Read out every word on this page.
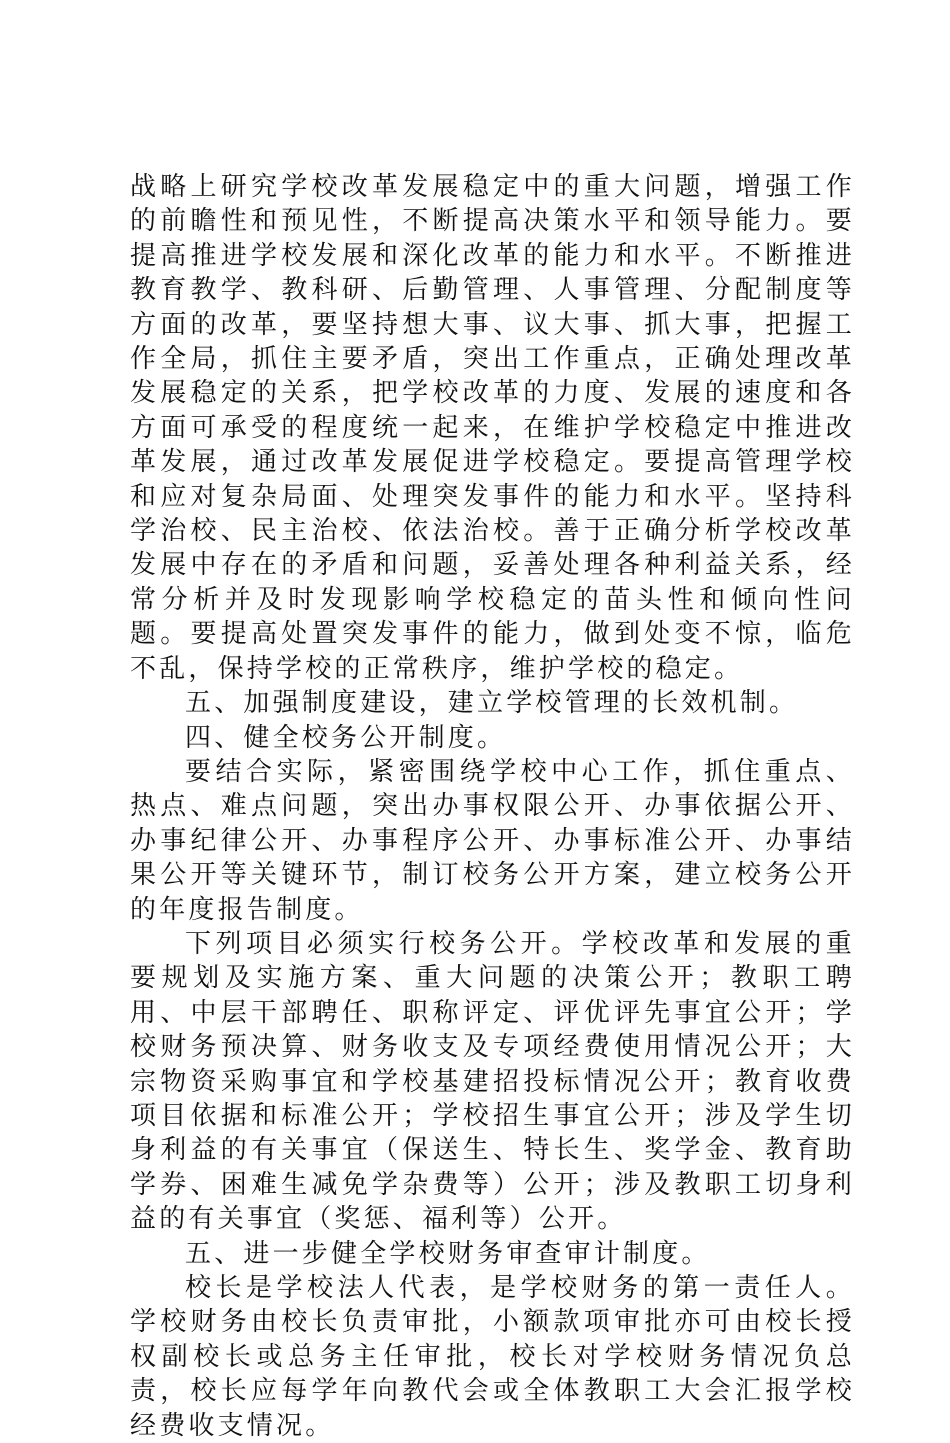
战略上研究学校改革发展稳定中的重大问题，增强工作的前瞻性和预见性，不断提高决策水平和领导能力。要提高推进学校发展和深化改革的能力和水平。不断推进教育教学、教科研、后勤管理、人事管理、分配制度等方面的改革，要坚持想大事、议大事、抓大事，把握工作全局，抓住主要矛盾，突出工作重点，正确处理改革发展稳定的关系，把学校改革的力度、发展的速度和各方面可承受的程度统一起来，在维护学校稳定中推进改革发展，通过改革发展促进学校稳定。要提高管理学校和应对复杂局面、处理突发事件的能力和水平。坚持科学治校、民主治校、依法治校。善于正确分析学校改革发展中存在的矛盾和问题，妥善处理各种利益关系，经常分析并及时发现影响学校稳定的苗头性和倾向性问题。要提高处置突发事件的能力，做到处变不惊，临危不乱，保持学校的正常秩序，维护学校的稳定。

五、加强制度建设，建立学校管理的长效机制。

四、健全校务公开制度。

要结合实际，紧密围绕学校中心工作，抓住重点、热点、难点问题，突出办事权限公开、办事依据公开、办事纪律公开、办事程序公开、办事标准公开、办事结果公开等关键环节，制订校务公开方案，建立校务公开的年度报告制度。

下列项目必须实行校务公开。学校改革和发展的重要规划及实施方案、重大问题的决策公开；教职工聘用、中层干部聘任、职称评定、评优评先事宜公开；学校财务预决算、财务收支及专项经费使用情况公开；大宗物资采购事宜和学校基建招投标情况公开；教育收费项目依据和标准公开；学校招生事宜公开；涉及学生切身利益的有关事宜（保送生、特长生、奖学金、教育助学券、困难生减免学杂费等）公开；涉及教职工切身利益的有关事宜（奖惩、福利等）公开。

五、进一步健全学校财务审查审计制度。

校长是学校法人代表，是学校财务的第一责任人。学校财务由校长负责审批，小额款项审批亦可由校长授权副校长或总务主任审批，校长对学校财务情况负总责，校长应每学年向教代会或全体教职工大会汇报学校经费收支情况。
